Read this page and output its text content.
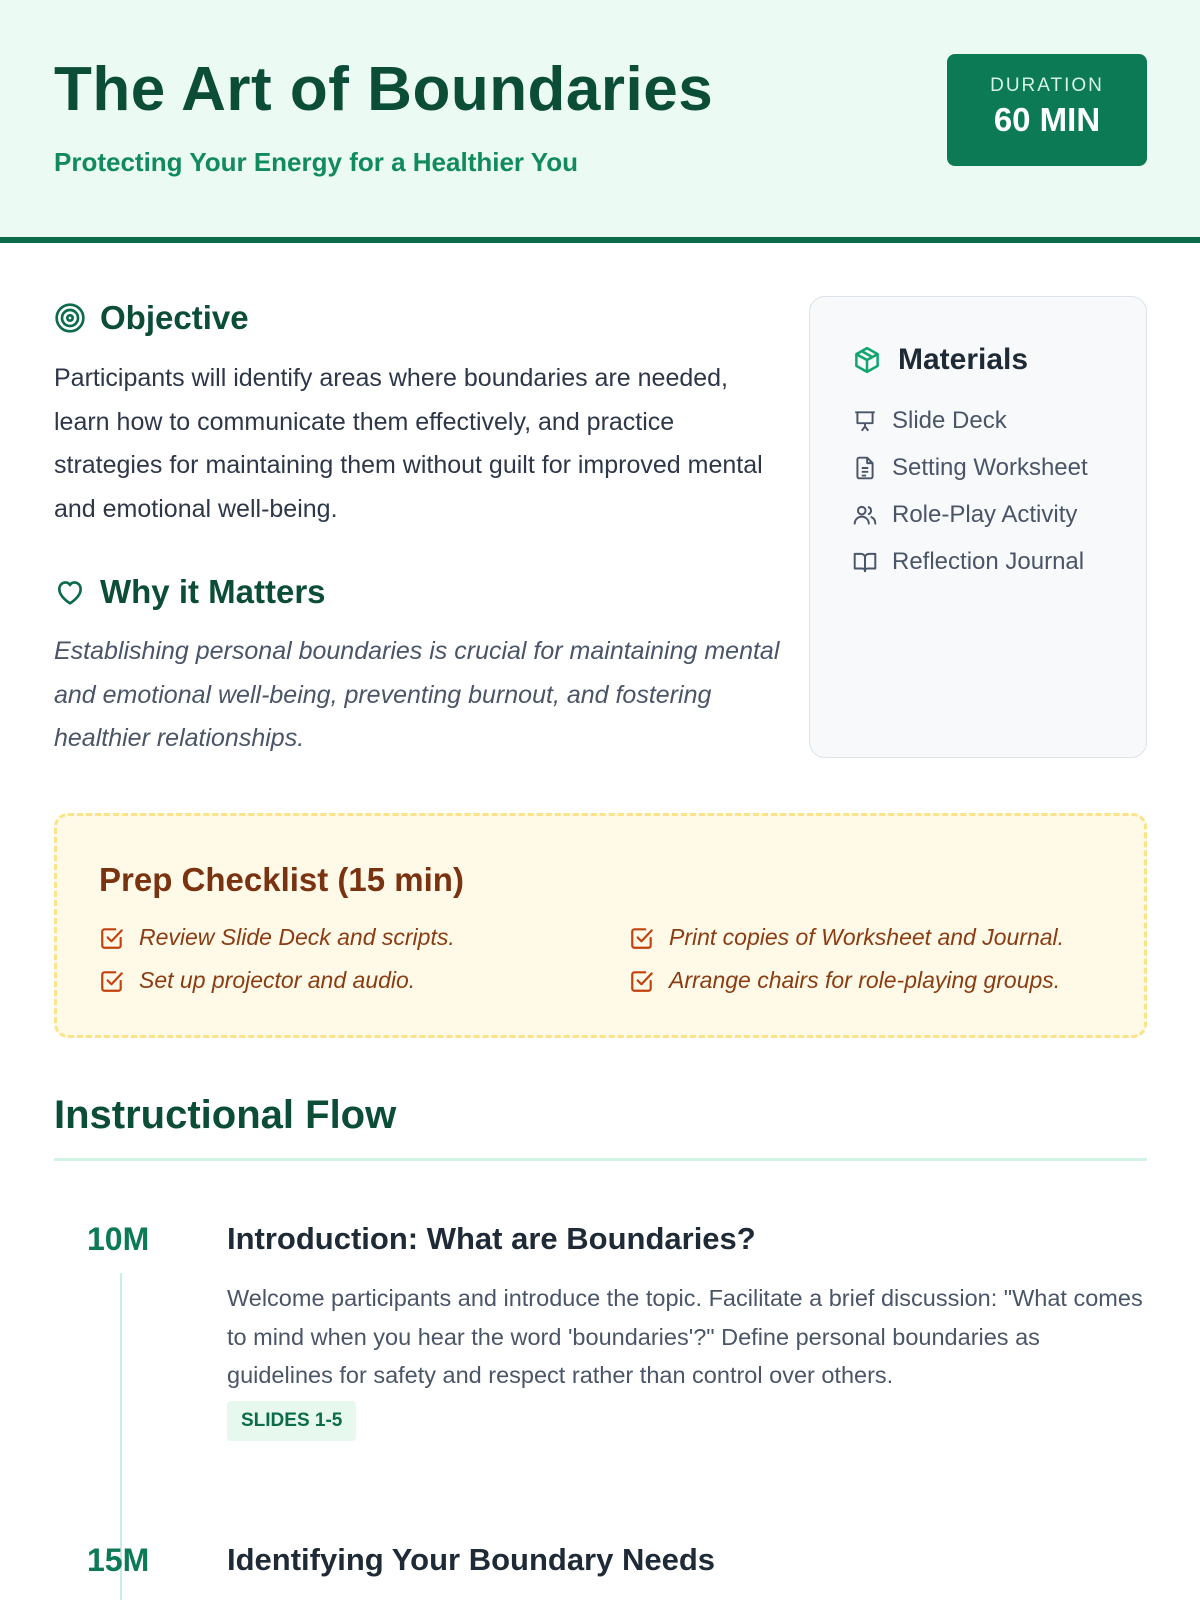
The Art of Boundaries
Protecting Your Energy for a Healthier You
DURATION
60 MIN
Objective
Participants will identify areas where boundaries are needed, learn how to communicate them effectively, and practice strategies for maintaining them without guilt for improved mental and emotional well-being.
Why it Matters
Establishing personal boundaries is crucial for maintaining mental and emotional well-being, preventing burnout, and fostering healthier relationships.
Materials
Slide Deck
Setting Worksheet
Role-Play Activity
Reflection Journal
Prep Checklist (15 min)
Review Slide Deck and scripts.	Print copies of Worksheet and Journal.
Set up projector and audio.	Arrange chairs for role-playing groups.
Instructional Flow
10M	Introduction: What are Boundaries?
Welcome participants and introduce the topic. Facilitate a brief discussion: "What comes to mind when you hear the word 'boundaries'?" Define personal boundaries as guidelines for safety and respect rather than control over others.
SLIDES 1-5
15M	Identifying Your Boundary Needs
